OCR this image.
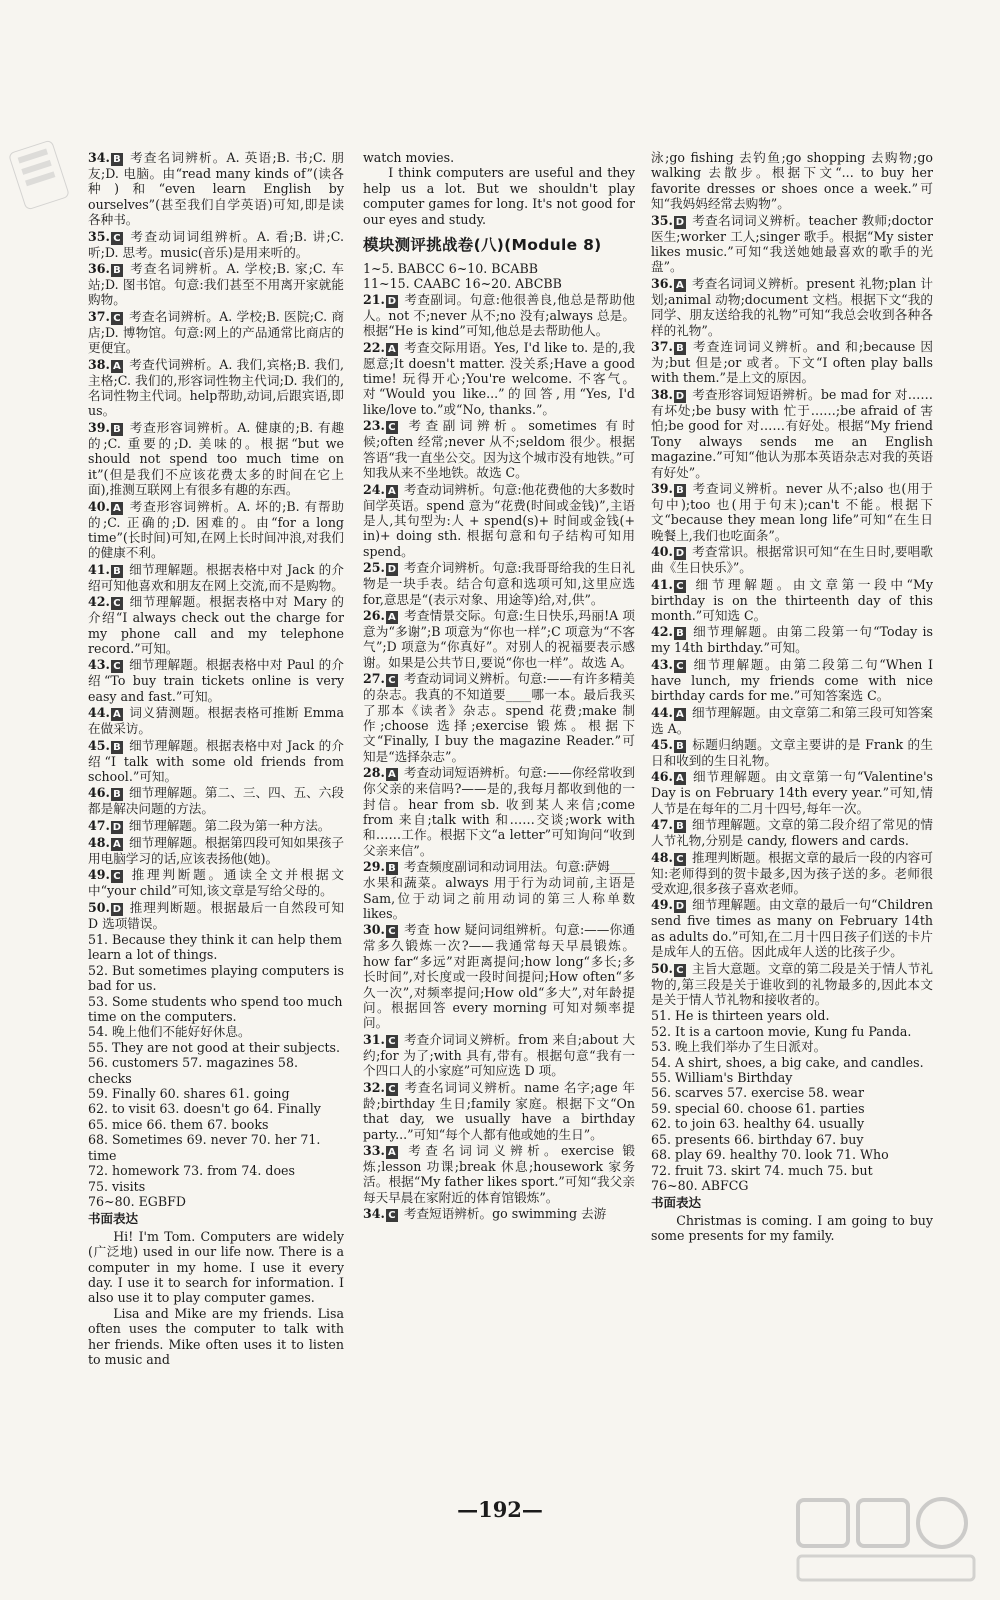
34. B 考查名词辨析。A. 英语;B. 书;C. 朋友;D. 电脑。由“read many kinds of”(读各种)和“even learn English by ourselves”(甚至我们自学英语)可知,即是读各种书。
35. C 考查动词词组辨析。A. 看;B. 讲;C. 听;D. 思考。music(音乐)是用来听的。
36. B 考查名词辨析。A. 学校;B. 家;C. 车站;D. 图书馆。句意:我们甚至不用离开家就能购物。
37. C 考查名词辨析。A. 学校;B. 医院;C. 商店;D. 博物馆。句意:网上的产品通常比商店的更便宜。
38. A 考查代词辨析。A. 我们,宾格;B. 我们,主格;C. 我们的,形容词性物主代词;D. 我们的,名词性物主代词。help帮助,动词,后跟宾语,即 us。
39. B 考查形容词辨析。A. 健康的;B. 有趣的;C. 重要的;D. 美味的。根据“but we should not spend too much time on it”(但是我们不应该花费太多的时间在它上面),推测互联网上有很多有趣的东西。
40. A 考查形容词辨析。A. 坏的;B. 有帮助的;C. 正确的;D. 困难的。由“for a long time”(长时间)可知,在网上长时间冲浪,对我们的健康不利。
41. B 细节理解题。根据表格中对 Jack 的介绍可知他喜欢和朋友在网上交流,而不是购物。
42. C 细节理解题。根据表格中对 Mary 的介绍“I always check out the charge for my phone call and my telephone record.”可知。
43. C 细节理解题。根据表格中对 Paul 的介绍“To buy train tickets online is very easy and fast.”可知。
44. A 词义猜测题。根据表格可推断 Emma 在做采访。
45. B 细节理解题。根据表格中对 Jack 的介绍“I talk with some old friends from school.”可知。
46. B 细节理解题。第二、三、四、五、六段都是解决问题的方法。
47. D 细节理解题。第二段为第一种方法。
48. A 细节理解题。根据第四段可知如果孩子用电脑学习的话,应该表扬他(她)。
49. C 推理判断题。通读全文并根据文中“your child”可知,该文章是写给父母的。
50. D 推理判断题。根据最后一自然段可知 D 选项错误。
51. Because they think it can help them learn a lot of things.
52. But sometimes playing computers is bad for us.
53. Some students who spend too much time on the computers.
54. 晚上他们不能好好休息。
55. They are not good at their subjects.
56. customers 57. magazines 58. checks
59. Finally 60. shares 61. going
62. to visit 63. doesn't go 64. Finally
65. mice 66. them 67. books
68. Sometimes 69. never 70. her 71. time
72. homework 73. from 74. does
75. visits
76~80. EGBFD
书面表达
Hi! I'm Tom. Computers are widely (广泛地) used in our life now. There is a computer in my home. I use it every day. I use it to search for information. I also use it to play computer games.
Lisa and Mike are my friends. Lisa often uses the computer to talk with her friends. Mike often uses it to listen to music and
watch movies.
I think computers are useful and they help us a lot. But we shouldn't play computer games for long. It's not good for our eyes and study.
模块测评挑战卷(八)(Module 8)
1~5. BABCC 6~10. BCABB
11~15. CAABC 16~20. ABCBB
21. D 考查副词。句意:他很善良,他总是帮助他人。not 不;never 从不;no 没有;always 总是。根据“He is kind”可知,他总是去帮助他人。
22. A 考查交际用语。Yes, I'd like to. 是的,我愿意;It doesn't matter. 没关系;Have a good time! 玩得开心;You're welcome. 不客气。对“Would you like...”的回答,用“Yes, I'd like/love to.”或“No, thanks.”。
23. C 考查副词辨析。sometimes 有时候;often 经常;never 从不;seldom 很少。根据答语“我一直坐公交。因为这个城市没有地铁。”可知我从来不坐地铁。故选 C。
24. A 考查动词辨析。句意:他花费他的大多数时间学英语。spend 意为“花费(时间或金钱)”,主语是人,其句型为:人 + spend(s)+ 时间或金钱(+ in)+ doing sth. 根据句意和句子结构可知用 spend。
25. D 考查介词辨析。句意:我哥哥给我的生日礼物是一块手表。结合句意和选项可知,这里应选 for,意思是“(表示对象、用途等)给,对,供”。
26. A 考查情景交际。句意:生日快乐,玛丽!A 项意为“多谢”;B 项意为“你也一样”;C 项意为“不客气”;D 项意为“你真好”。对别人的祝福要表示感谢。如果是公共节日,要说“你也一样”。故选 A。
27. C 考查动词词义辨析。句意:——有许多精美的杂志。我真的不知道要____哪一本。最后我买了那本《读者》杂志。spend 花费;make 制作;choose 选择;exercise 锻炼。根据下文“Finally, I buy the magazine Reader.”可知是“选择杂志”。
28. A 考查动词短语辨析。句意:——你经常收到你父亲的来信吗?——是的,我每月都收到他的一封信。hear from sb. 收到某人来信;come from 来自;talk with 和……交谈;work with 和……工作。根据下文“a letter”可知询问“收到父亲来信”。
29. B 考查频度副词和动词用法。句意:萨姆____水果和蔬菜。always 用于行为动词前,主语是 Sam,位于动词之前用动词的第三人称单数 likes。
30. C 考查 how 疑问词组辨析。句意:——你通常多久锻炼一次?——我通常每天早晨锻炼。how far“多远”对距离提问;how long“多长;多长时间”,对长度或一段时间提问;How often“多久一次”,对频率提问;How old“多大”,对年龄提问。根据回答 every morning 可知对频率提问。
31. C 考查介词词义辨析。from 来自;about 大约;for 为了;with 具有,带有。根据句意“我有一个四口人的小家庭”可知应选 D 项。
32. C 考查名词词义辨析。name 名字;age 年龄;birthday 生日;family 家庭。根据下文“On that day, we usually have a birthday party...”可知“每个人都有他或她的生日”。
33. A 考查名词词义辨析。exercise 锻炼;lesson 功课;break 休息;housework 家务活。根据“My father likes sport.”可知“我父亲每天早晨在家附近的体育馆锻炼”。
34. C 考查短语辨析。go swimming 去游
泳;go fishing 去钓鱼;go shopping 去购物;go walking 去散步。根据下文“... to buy her favorite dresses or shoes once a week.”可知“我妈妈经常去购物”。
35. D 考查名词词义辨析。teacher 教师;doctor 医生;worker 工人;singer 歌手。根据“My sister likes music.”可知“我送她她最喜欢的歌手的光盘”。
36. A 考查名词词义辨析。present 礼物;plan 计划;animal 动物;document 文档。根据下文“我的同学、朋友送给我的礼物”可知“我总会收到各种各样的礼物”。
37. B 考查连词词义辨析。and 和;because 因为;but 但是;or 或者。下文“I often play balls with them.”是上文的原因。
38. D 考查形容词短语辨析。be mad for 对……有坏处;be busy with 忙于……;be afraid of 害怕;be good for 对……有好处。根据“My friend Tony always sends me an English magazine.”可知“他认为那本英语杂志对我的英语有好处”。
39. B 考查词义辨析。never 从不;also 也(用于句中);too 也(用于句末);can't 不能。根据下文“because they mean long life”可知“在生日晚餐上,我们也吃面条”。
40. D 考查常识。根据常识可知“在生日时,要唱歌曲《生日快乐》”。
41. C 细节理解题。由文章第一段中“My birthday is on the thirteenth day of this month.”可知选 C。
42. B 细节理解题。由第二段第一句“Today is my 14th birthday.”可知。
43. C 细节理解题。由第二段第二句“When I have lunch, my friends come with nice birthday cards for me.”可知答案选 C。
44. A 细节理解题。由文章第二和第三段可知答案选 A。
45. B 标题归纳题。文章主要讲的是 Frank 的生日和收到的生日礼物。
46. A 细节理解题。由文章第一句“Valentine's Day is on February 14th every year.”可知,情人节是在每年的二月十四号,每年一次。
47. B 细节理解题。文章的第二段介绍了常见的情人节礼物,分别是 candy, flowers and cards.
48. C 推理判断题。根据文章的最后一段的内容可知:老师得到的贺卡最多,因为孩子送的多。老师很受欢迎,很多孩子喜欢老师。
49. D 细节理解题。由文章的最后一句“Children send five times as many on February 14th as adults do.”可知,在二月十四日孩子们送的卡片是成年人的五倍。因此成年人送的比孩子少。
50. C 主旨大意题。文章的第二段是关于情人节礼物的,第三段是关于谁收到的礼物最多的,因此本文是关于情人节礼物和接收者的。
51. He is thirteen years old.
52. It is a cartoon movie, Kung fu Panda.
53. 晚上我们举办了生日派对。
54. A shirt, shoes, a big cake, and candles.
55. William's Birthday
56. scarves 57. exercise 58. wear
59. special 60. choose 61. parties
62. to join 63. healthy 64. usually
65. presents 66. birthday 67. buy
68. play 69. healthy 70. look 71. Who
72. fruit 73. skirt 74. much 75. but
76~80. ABFCG
书面表达
Christmas is coming. I am going to buy some presents for my family.
—192—
